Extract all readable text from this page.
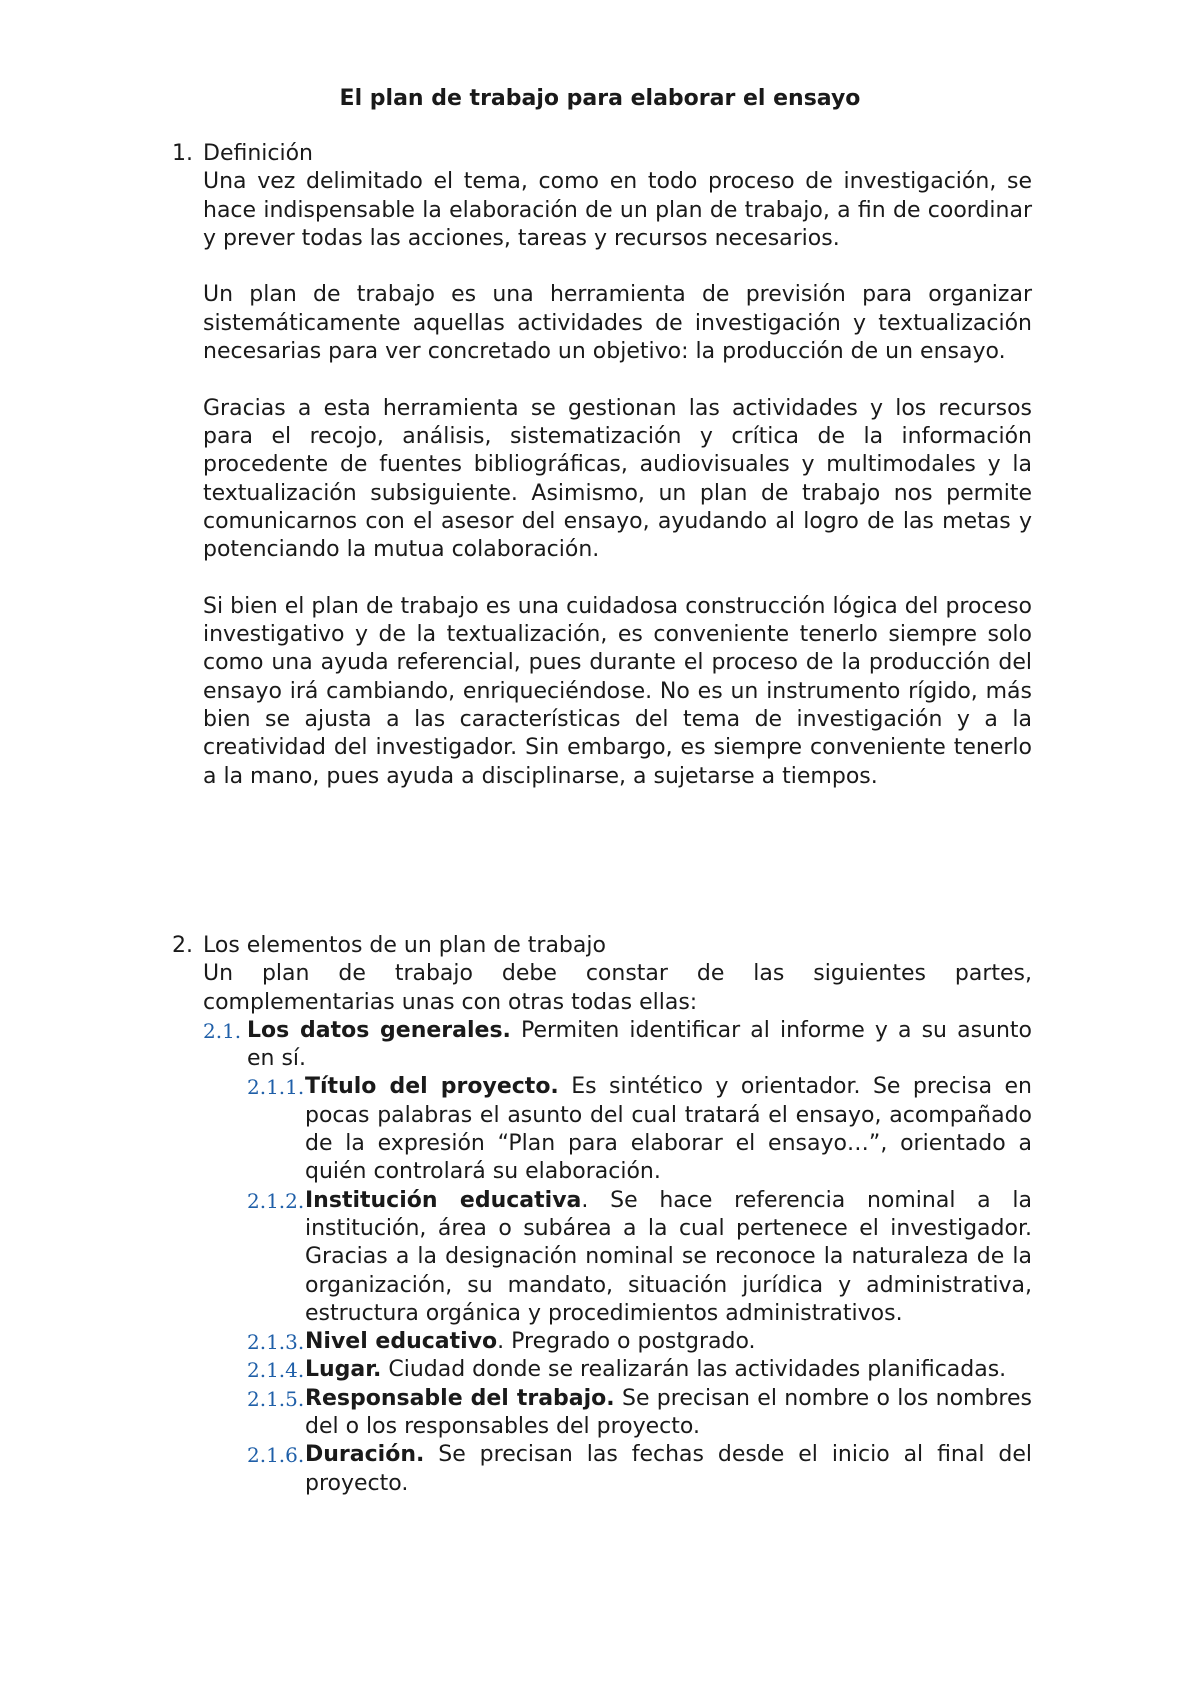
El plan de trabajo para elaborar el ensayo
1. Definición

Una vez delimitado el tema, como en todo proceso de investigación, se hace indispensable la elaboración de un plan de trabajo, a fin de coordinar y prever todas las acciones, tareas y recursos necesarios.

Un plan de trabajo es una herramienta de previsión para organizar sistemáticamente aquellas actividades de investigación y textualización necesarias para ver concretado un objetivo: la producción de un ensayo.

Gracias a esta herramienta se gestionan las actividades y los recursos para el recojo, análisis, sistematización y crítica de la información procedente de fuentes bibliográficas, audiovisuales y multimodales y la textualización subsiguiente. Asimismo, un plan de trabajo nos permite comunicarnos con el asesor del ensayo, ayudando al logro de las metas y potenciando la mutua colaboración.

Si bien el plan de trabajo es una cuidadosa construcción lógica del proceso investigativo y de la textualización, es conveniente tenerlo siempre solo como una ayuda referencial, pues durante el proceso de la producción del ensayo irá cambiando, enriqueciéndose. No es un instrumento rígido, más bien se ajusta a las características del tema de investigación y a la creatividad del investigador. Sin embargo, es siempre conveniente tenerlo a la mano, pues ayuda a disciplinarse, a sujetarse a tiempos.

2. Los elementos de un plan de trabajo

Un plan de trabajo debe constar de las siguientes partes, complementarias unas con otras todas ellas:

2.1. Los datos generales. Permiten identificar al informe y a su asunto en sí.

2.1.1. Título del proyecto. Es sintético y orientador. Se precisa en pocas palabras el asunto del cual tratará el ensayo, acompañado de la expresión “Plan para elaborar el ensayo…”, orientado a quién controlará su elaboración.

2.1.2. Institución educativa. Se hace referencia nominal a la institución, área o subárea a la cual pertenece el investigador. Gracias a la designación nominal se reconoce la naturaleza de la organización, su mandato, situación jurídica y administrativa, estructura orgánica y procedimientos administrativos.

2.1.3. Nivel educativo. Pregrado o postgrado.

2.1.4. Lugar. Ciudad donde se realizarán las actividades planificadas.

2.1.5. Responsable del trabajo. Se precisan el nombre o los nombres del o los responsables del proyecto.

2.1.6. Duración. Se precisan las fechas desde el inicio al final del proyecto.
